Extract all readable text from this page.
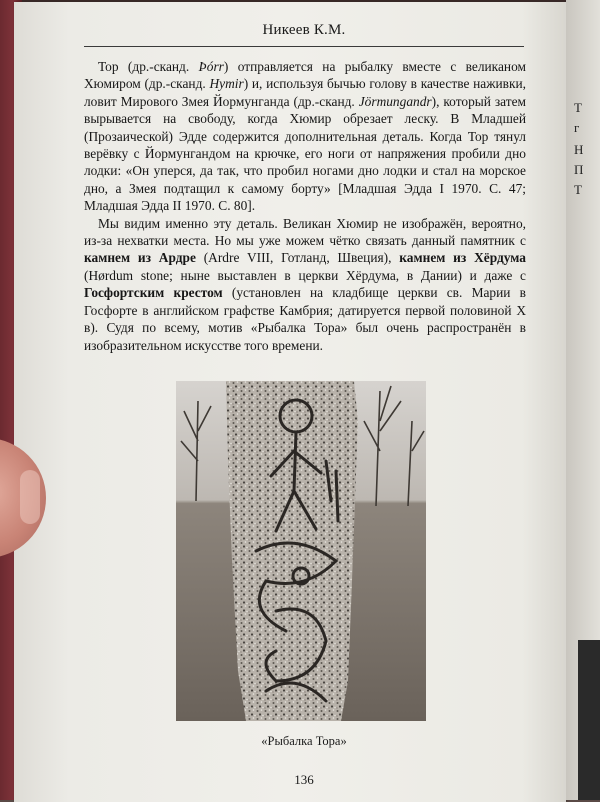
Т
г
Н
П
Т
Никеев К.М.

Тор (др.-сканд. Þórr) отправляется на рыбалку вместе с великаном Хюмиром (др.-сканд. Hymir) и, используя бычью голову в качестве наживки, ловит Мирового Змея Йормунганда (др.-сканд. Jörmungandr), который затем вырывается на свободу, когда Хюмир обрезает леску. В Младшей (Прозаической) Эдде содержится дополнительная деталь. Когда Тор тянул верёвку с Йормунгандом на крючке, его ноги от напряжения пробили дно лодки: «Он уперся, да так, что пробил ногами дно лодки и стал на морское дно, а Змея подтащил к самому борту» [Младшая Эдда I 1970. С. 47; Младшая Эдда II 1970. С. 80].

Мы видим именно эту деталь. Великан Хюмир не изображён, вероятно, из-за нехватки места. Но мы уже можем чётко связать данный памятник с камнем из Ардре (Ardre VIII, Готланд, Швеция), камнем из Хёрдума (Hørdum stone; ныне выставлен в церкви Хёрдума, в Дании) и даже с Госфортским крестом (установлен на кладбище церкви св. Марии в Госфорте в английском графстве Камбрия; датируется первой половиной X в). Судя по всему, мотив «Рыбалка Тора» был очень распространён в изобразительном искусстве того времени.

«Рыбалка Тора»
136
